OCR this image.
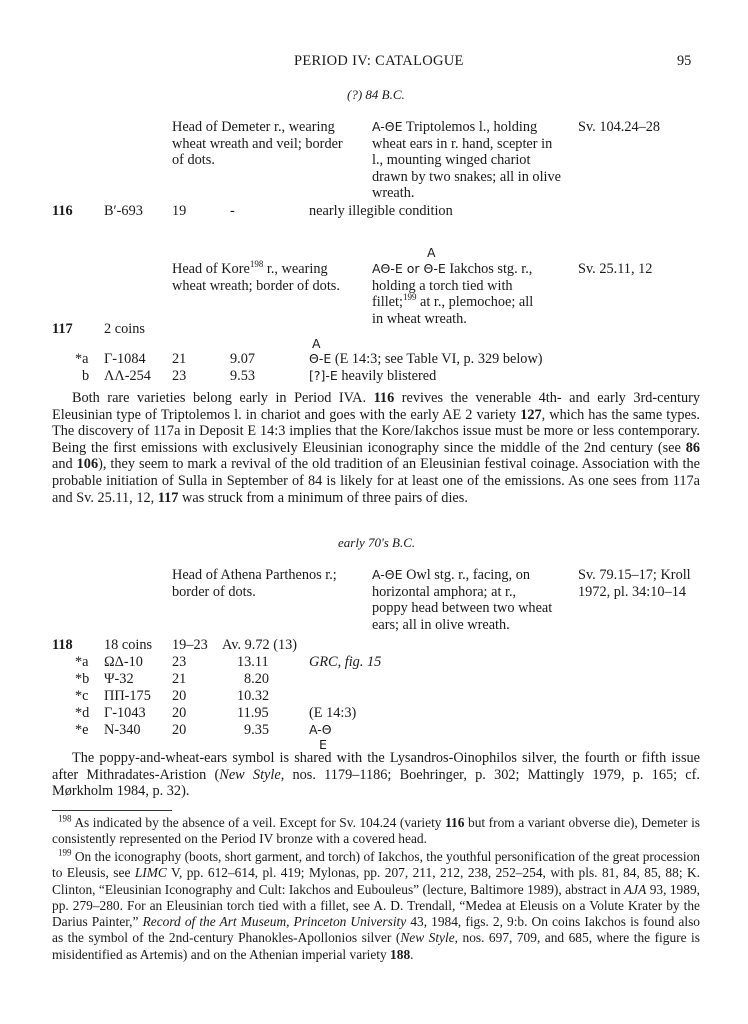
PERIOD IV: CATALOGUE	95
(?) 84 B.C.
Head of Demeter r., wearing
wheat wreath and veil; border
of dots.
A-ΘE Triptolemos l., holding
wheat ears in r. hand, scepter in
l., mounting winged chariot
drawn by two snakes; all in olive
wreath.
Sv. 104.24–28
116 B′-693 19	-	nearly illegible condition
A
Head of Kore$^{198}$ r., wearing
wheat wreath; border of dots.
AΘ-E or Θ-E Iakchos stg. r.,
holding a torch tied with
fillet;$^{199}$ at r., plemochoe; all
in wheat wreath.
Sv. 25.11, 12
117 2 coins
A
*a Γ-1084 21	9.07	Θ-E (E 14:3; see Table VI, p. 329 below)
b ΛΛ-254 23	9.53	[?]-E heavily blistered
Both rare varieties belong early in Period IVA. 116 revives the venerable 4th- and early 3rd-century Eleusinian type of Triptolemos l. in chariot and goes with the early AE 2 variety 127, which has the same types. The discovery of 117a in Deposit E 14:3 implies that the Kore/Iakchos issue must be more or less contemporary. Being the first emissions with exclusively Eleusinian iconography since the middle of the 2nd century (see 86 and 106), they seem to mark a revival of the old tradition of an Eleusinian festival coinage. Association with the probable initiation of Sulla in September of 84 is likely for at least one of the emissions. As one sees from 117a and Sv. 25.11, 12, 117 was struck from a minimum of three pairs of dies.
early 70's B.C.
Head of Athena Parthenos r.;
border of dots.
A-ΘE Owl stg. r., facing, on
horizontal amphora; at r.,
poppy head between two wheat
ears; all in olive wreath.
Sv. 79.15–17; Kroll
1972, pl. 34:10–14
118 18 coins 19–23 Av. 9.72 (13)
*a ΩΔ-10 23	13.11	GRC, fig. 15
*b Ψ-32	21	8.20
*c ΠΠ-175 20	10.32
*d Γ-1043 20	11.95	(E 14:3)
*e N-340 20	9.35	A-Θ
E
The poppy-and-wheat-ears symbol is shared with the Lysandros-Oinophilos silver, the fourth or fifth issue after Mithradates-Aristion (New Style, nos. 1179–1186; Boehringer, p. 302; Mattingly 1979, p. 165; cf. Mørkholm 1984, p. 32).
$^{198}$ As indicated by the absence of a veil. Except for Sv. 104.24 (variety 116 but from a variant obverse die), Demeter is consistently represented on the Period IV bronze with a covered head.
$^{199}$ On the iconography (boots, short garment, and torch) of Iakchos, the youthful personification of the great procession to Eleusis, see LIMC V, pp. 612–614, pl. 419; Mylonas, pp. 207, 211, 212, 238, 252–254, with pls. 81, 84, 85, 88; K. Clinton, “Eleusinian Iconography and Cult: Iakchos and Eubouleus” (lecture, Baltimore 1989), abstract in AJA 93, 1989, pp. 279–280. For an Eleusinian torch tied with a fillet, see A. D. Trendall, “Medea at Eleusis on a Volute Krater by the Darius Painter,” Record of the Art Museum, Princeton University 43, 1984, figs. 2, 9:b. On coins Iakchos is found also as the symbol of the 2nd-century Phanokles-Apollonios silver (New Style, nos. 697, 709, and 685, where the figure is misidentified as Artemis) and on the Athenian imperial variety 188.
